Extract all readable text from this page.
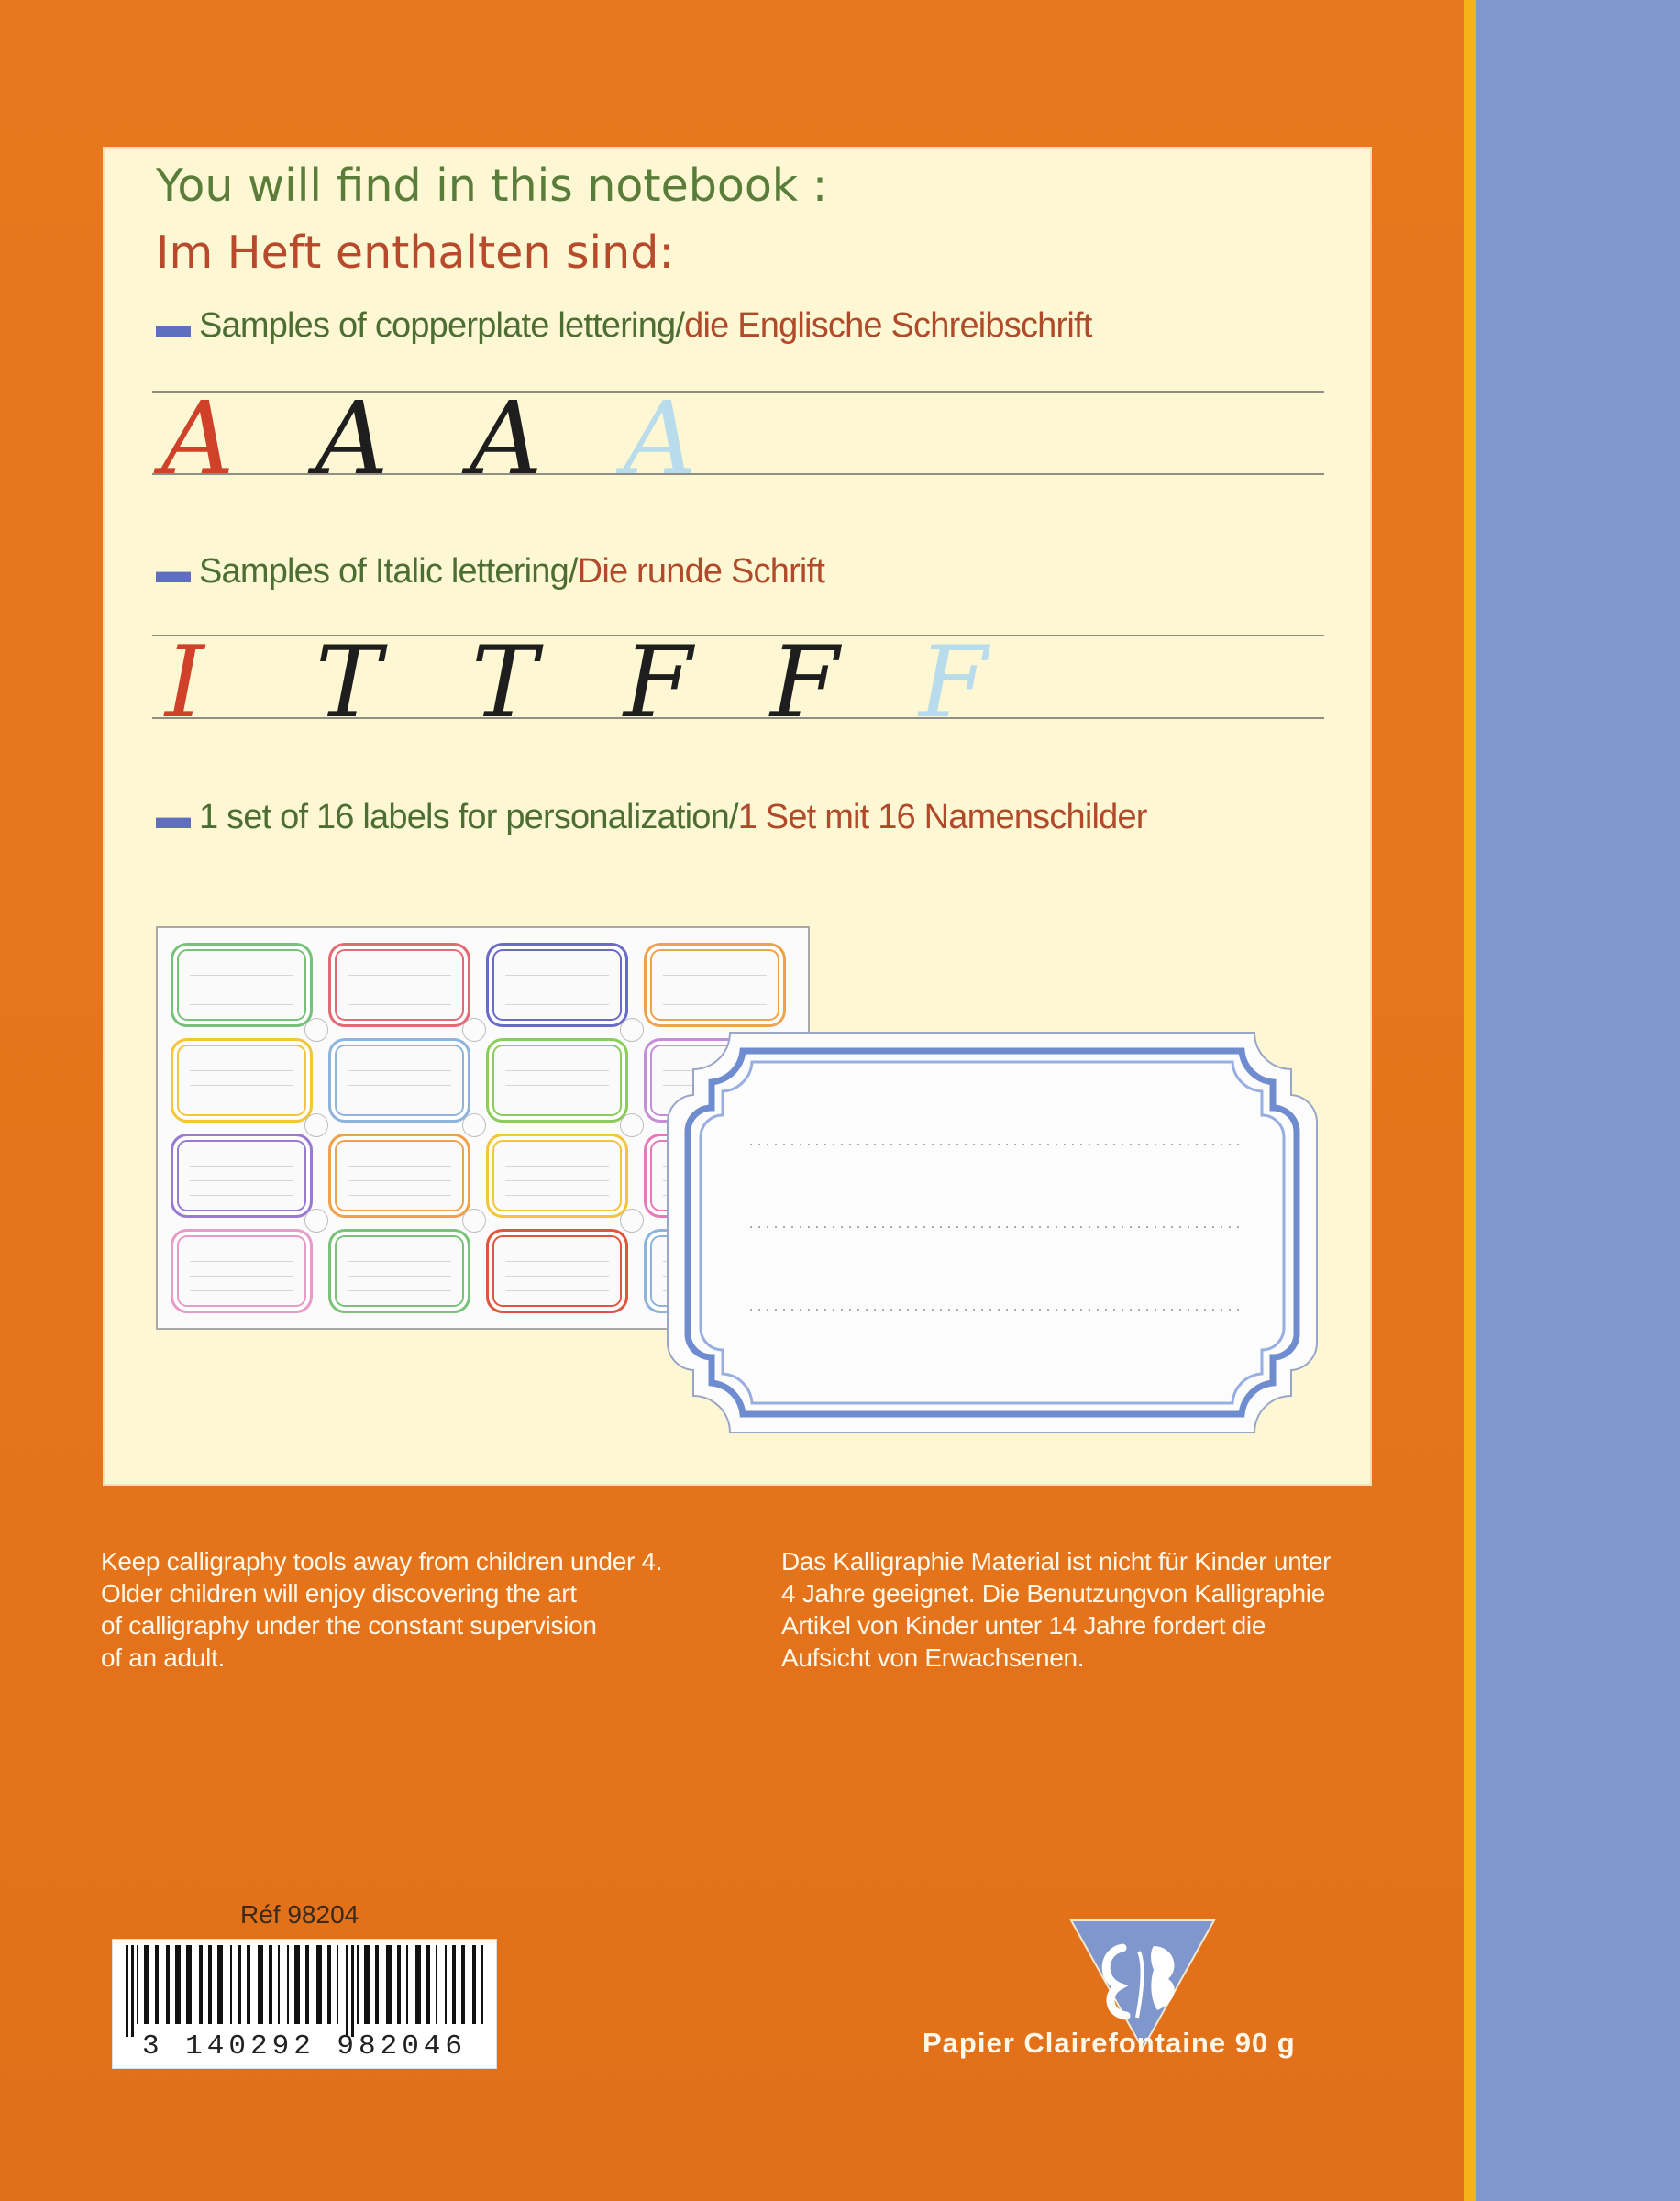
You will find in this notebook :
Im Heft enthalten sind:
▬ Samples of copperplate lettering/die Englische Schreibschrift
A A A A
▬ Samples of Italic lettering/Die runde Schrift
I T T F F F
▬ 1 set of 16 labels for personalization/1 Set mit 16 Namenschilder
Keep calligraphy tools away from children under 4.
Older children will enjoy discovering the art
of calligraphy under the constant supervision
of an adult.
Das Kalligraphie Material ist nicht für Kinder unter
4 Jahre geeignet. Die Benutzungvon Kalligraphie
Artikel von Kinder unter 14 Jahre fordert die
Aufsicht von Erwachsenen.
Réf 98204
3 140292 982046	Papier Clairefontaine 90 g
